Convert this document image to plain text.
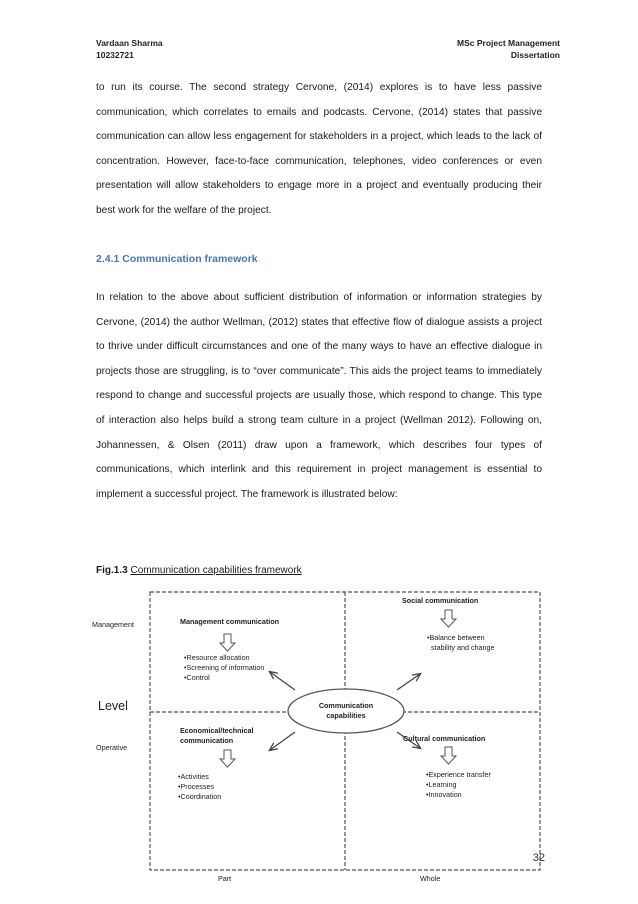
Vardaan Sharma
10232721
MSc Project Management
Dissertation

to run its course. The second strategy Cervone, (2014) explores is to have less passive communication, which correlates to emails and podcasts. Cervone, (2014) states that passive communication can allow less engagement for stakeholders in a project, which leads to the lack of concentration. However, face-to-face communication, telephones, video conferences or even presentation will allow stakeholders to engage more in a project and eventually producing their best work for the welfare of the project.

2.4.1 Communication framework

In relation to the above about sufficient distribution of information or information strategies by Cervone, (2014) the author Wellman, (2012) states that effective flow of dialogue assists a project to thrive under difficult circumstances and one of the many ways to have an effective dialogue in projects those are struggling, is to “over communicate”. This aids the project teams to immediately respond to change and successful projects are usually those, which respond to change. This type of interaction also helps build a strong team culture in a project (Wellman 2012). Following on, Johannessen, & Olsen (2011) draw upon a framework, which describes four types of communications, which interlink and this requirement in project management is essential to implement a successful project. The framework is illustrated below:

Fig.1.3 Communication capabilities framework

Management
Level
Operative
Part	Whole
Management communication
•Resource allocation
•Screening of information
•Control
Social communication
•Balance between
stability and change
Economical/technical
communication
•Activities
•Processes
•Coordination
Cultural communication
•Experience transfer
•Learning
•Innovation
Communication
capabilities
32
